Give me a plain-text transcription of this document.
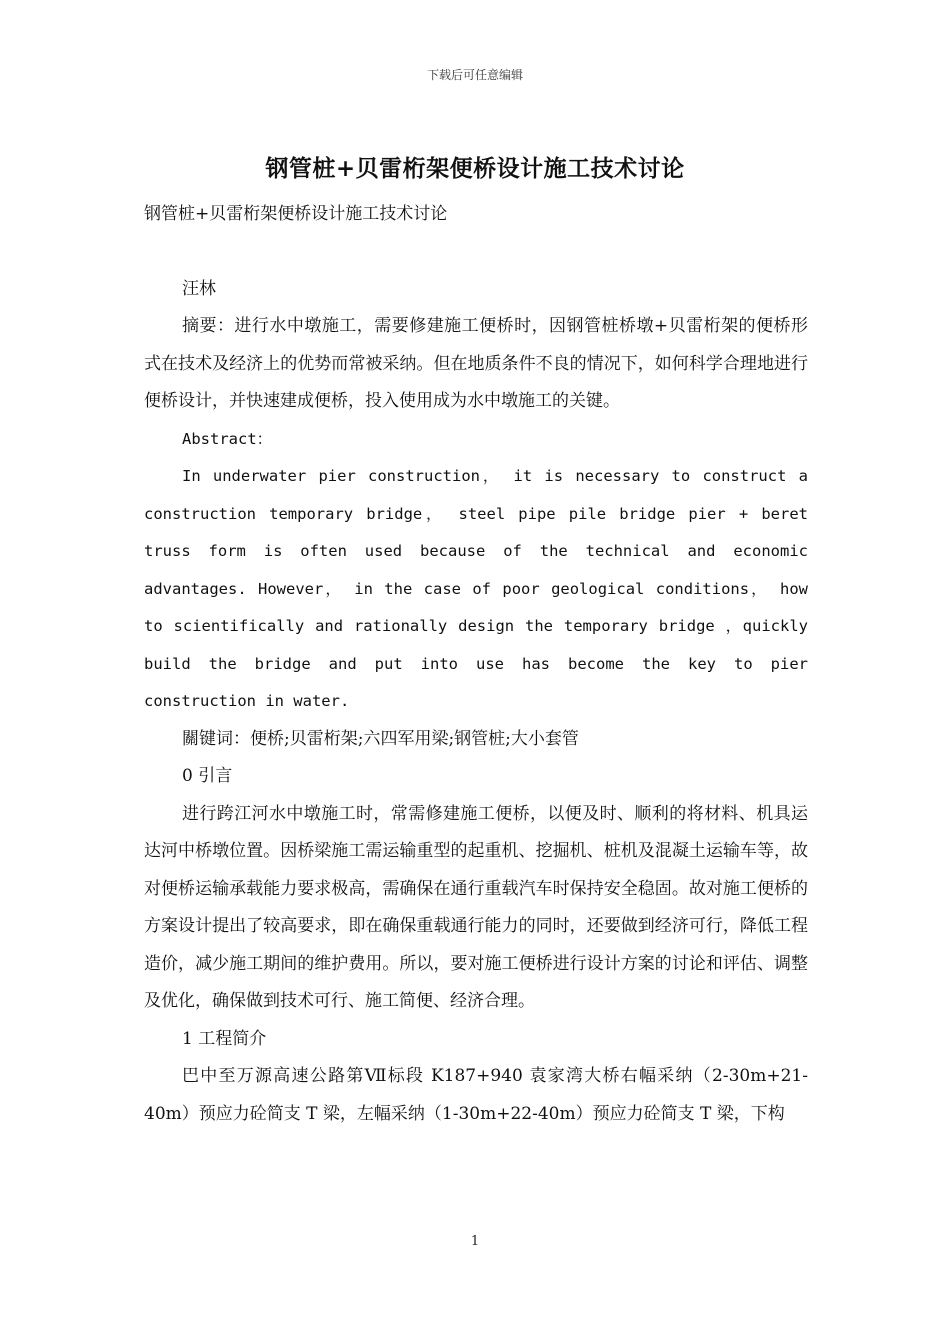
下载后可任意编辑
钢管桩+贝雷桁架便桥设计施工技术讨论

钢管桩+贝雷桁架便桥设计施工技术讨论

汪林

摘要：进行水中墩施工，需要修建施工便桥时，因钢管桩桥墩+贝雷桁架的便桥形式在技术及经济上的优势而常被采纳。但在地质条件不良的情况下，如何科学合理地进行便桥设计，并快速建成便桥，投入使用成为水中墩施工的关键。

Abstract：

In underwater pier construction， it is necessary to construct a construction temporary bridge， steel pipe pile bridge pier + beret truss form is often used because of the technical and economic advantages. However， in the case of poor geological conditions， how to scientifically and rationally design the temporary bridge ，quickly build the bridge and put into use has become the key to pier construction in water.

關键词：便桥;贝雷桁架;六四军用梁;钢管桩;大小套管

0 引言

进行跨江河水中墩施工时，常需修建施工便桥，以便及时、顺利的将材料、机具运达河中桥墩位置。因桥梁施工需运输重型的起重机、挖掘机、桩机及混凝土运输车等，故对便桥运输承载能力要求极高，需确保在通行重载汽车时保持安全稳固。故对施工便桥的方案设计提出了较高要求，即在确保重载通行能力的同时，还要做到经济可行，降低工程造价，减少施工期间的维护费用。所以，要对施工便桥进行设计方案的讨论和评估、调整及优化，确保做到技术可行、施工简便、经济合理。

1 工程简介

巴中至万源高速公路第Ⅶ标段 K187+940 袁家湾大桥右幅采纳（2-30m+21-40m）预应力砼简支 T 梁，左幅采纳（1-30m+22-40m）预应力砼简支 T 梁，下构

1
